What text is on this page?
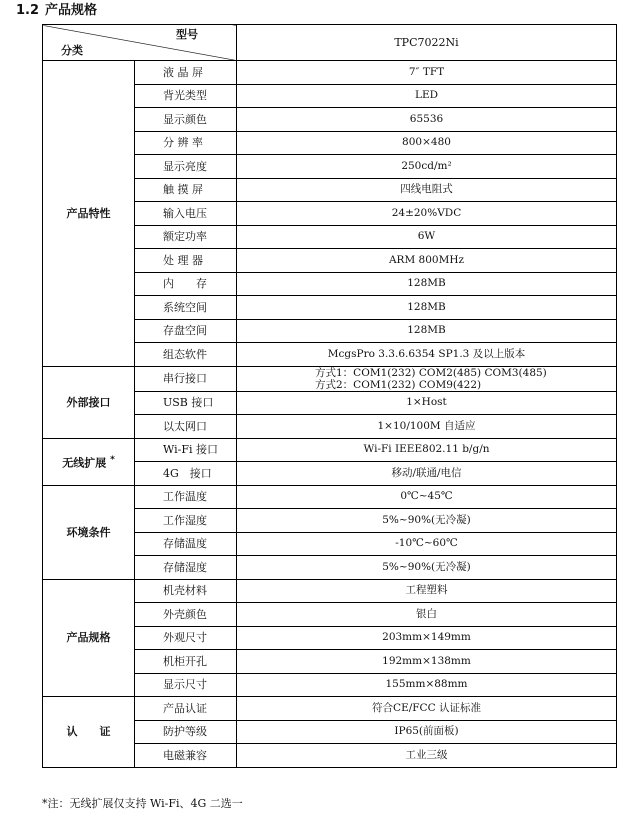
1.2 产品规格
型号
分类		TPC7022Ni
产品特性	液 晶 屏	7″ TFT
	背光类型	LED
	显示颜色	65536
	分 辨 率	800×480
	显示亮度	250cd/m²
	触 摸 屏	四线电阻式
	输入电压	24±20%VDC
	额定功率	6W
	处 理 器	ARM 800MHz
	内　　存	128MB
	系统空间	128MB
	存盘空间	128MB
	组态软件	McgsPro 3.3.6.6354 SP1.3 及以上版本
外部接口	串行接口	方式1：COM1(232) COM2(485) COM3(485)
方式2：COM1(232) COM9(422)

	USB 接口	1×Host
	以太网口	1×10/100M 自适应
无线扩展 *	Wi-Fi 接口	Wi-Fi IEEE802.11 b/g/n
	4G　接口	移动/联通/电信
环境条件	工作温度	0℃~45℃
	工作湿度	5%~90%(无冷凝)
	存储温度	-10℃~60℃
	存储湿度	5%~90%(无冷凝)
产品规格	机壳材料	工程塑料
	外壳颜色	银白
	外观尺寸	203mm×149mm
	机柜开孔	192mm×138mm
	显示尺寸	155mm×88mm
认　　证	产品认证	符合CE/FCC 认证标准
	防护等级	IP65(前面板)
	电磁兼容	工业三级
*注：无线扩展仅支持 Wi-Fi、4G 二选一
